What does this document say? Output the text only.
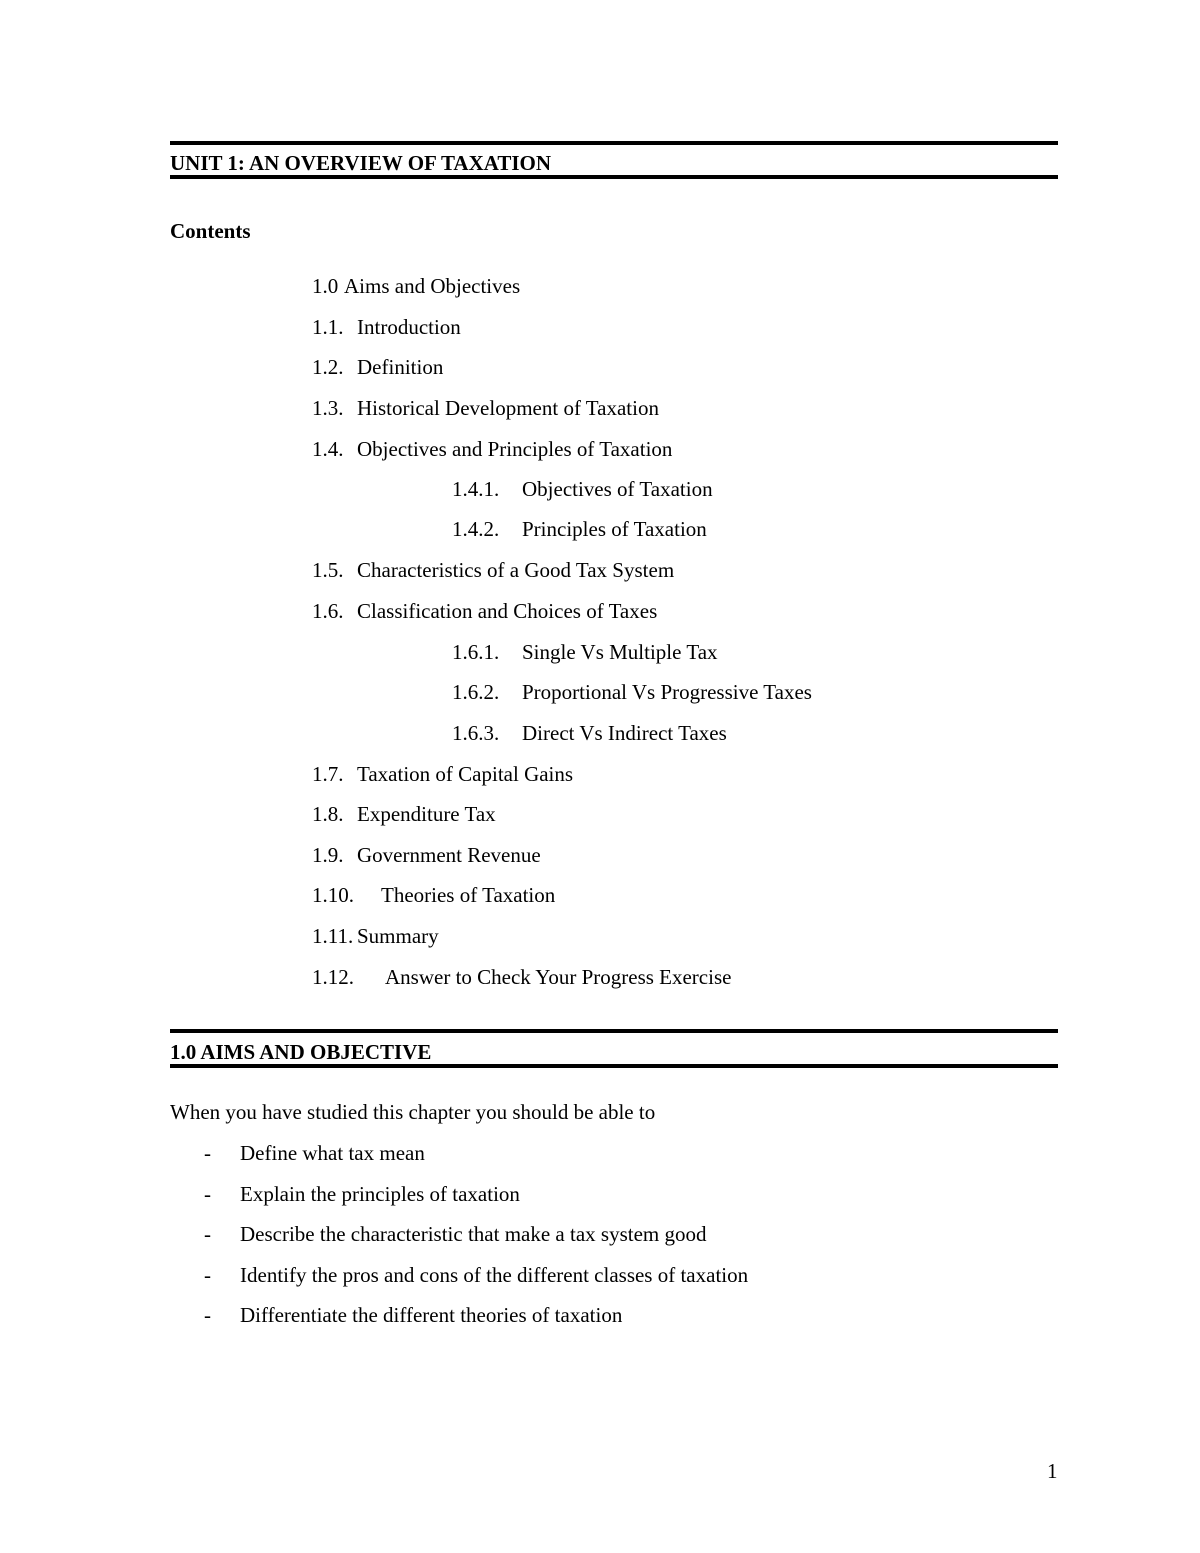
UNIT 1: AN OVERVIEW OF TAXATION
Contents
1.0 Aims and Objectives
1.1. Introduction
1.2. Definition
1.3. Historical Development of Taxation
1.4. Objectives and Principles of Taxation
1.4.1.	Objectives of Taxation
1.4.2.	Principles of Taxation
1.5. Characteristics of a Good Tax System
1.6. Classification and Choices of Taxes
1.6.1.	Single Vs Multiple Tax
1.6.2.	Proportional Vs Progressive Taxes
1.6.3.	Direct Vs Indirect Taxes
1.7. Taxation of Capital Gains
1.8. Expenditure Tax
1.9. Government Revenue
1.10.	Theories of Taxation
1.11. Summary
1.12.	Answer to Check Your Progress Exercise
1.0 AIMS AND OBJECTIVE
When you have studied this chapter you should be able to
-	Define what tax mean
-	Explain the principles of taxation
-	Describe the characteristic that make a tax system good
-	Identify the pros and cons of the different classes of taxation
-	Differentiate the different theories of taxation
1
